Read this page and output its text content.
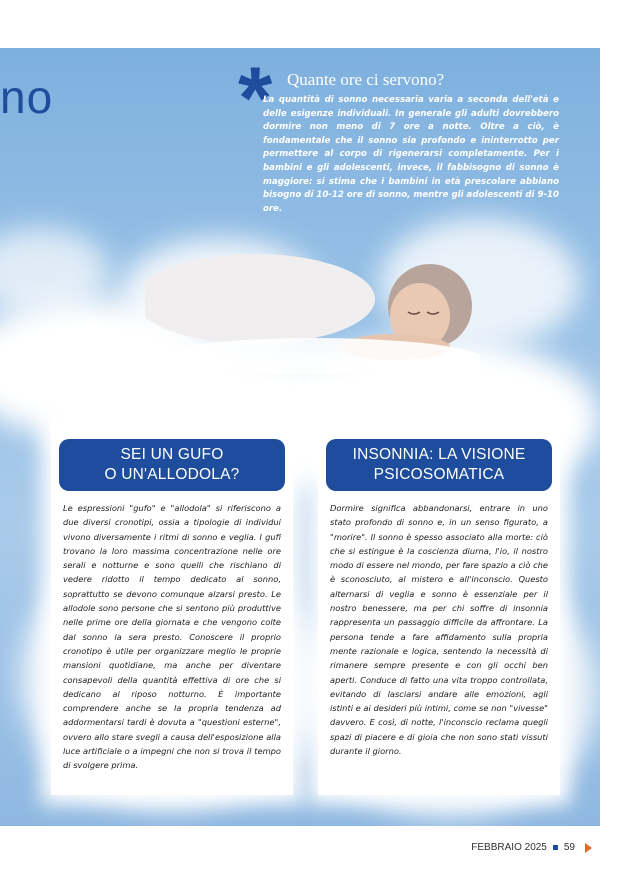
no * Quante ore ci servono?

La quantità di sonno necessaria varia a seconda dell'età e delle esigenze individuali. In generale gli adulti dovrebbero dormire non meno di 7 ore a notte. Oltre a ciò, è fondamentale che il sonno sia profondo e ininterrotto per permettere al corpo di rigenerarsi completamente. Per i bambini e gli adolescenti, invece, il fabbisogno di sonno è maggiore: si stima che i bambini in età prescolare abbiano bisogno di 10-12 ore di sonno, mentre gli adolescenti di 9-10 ore.

SEI UN GUFO
O UN'ALLODOLA?

Le espressioni "gufo" e "allodola" si riferiscono a due diversi cronotipi, ossia a tipologie di individui vivono diversamente i ritmi di sonno e veglia. I gufi trovano la loro massima concentrazione nelle ore serali e notturne e sono quelli che rischiano di vedere ridotto il tempo dedicato al sonno, soprattutto se devono comunque alzarsi presto. Le allodole sono persone che si sentono più produttive nelle prime ore della giornata e che vengono colte dal sonno la sera presto. Conoscere il proprio cronotipo è utile per organizzare meglio le proprie mansioni quotidiane, ma anche per diventare consapevoli della quantità effettiva di ore che si dedicano al riposo notturno. È importante comprendere anche se la propria tendenza ad addormentarsi tardi è dovuta a "questioni esterne", ovvero allo stare svegli a causa dell'esposizione alla luce artificiale o a impegni che non si trova il tempo di svolgere prima.

INSONNIA: LA VISIONE
PSICOSOMATICA

Dormire significa abbandonarsi, entrare in uno stato profondo di sonno e, in un senso figurato, a "morire". Il sonno è spesso associato alla morte: ciò che si estingue è la coscienza diurna, l'io, il nostro modo di essere nel mondo, per fare spazio a ciò che è sconosciuto, al mistero e all'inconscio. Questo alternarsi di veglia e sonno è essenziale per il nostro benessere, ma per chi soffre di insonnia rappresenta un passaggio difficile da affrontare. La persona tende a fare affidamento sulla propria mente razionale e logica, sentendo la necessità di rimanere sempre presente e con gli occhi ben aperti. Conduce di fatto una vita troppo controllata, evitando di lasciarsi andare alle emozioni, agli istinti e ai desideri più intimi, come se non "vivesse" davvero. E così, di notte, l'inconscio reclama quegli spazi di piacere e di gioia che non sono stati vissuti durante il giorno.

FEBBRAIO 2025 59
